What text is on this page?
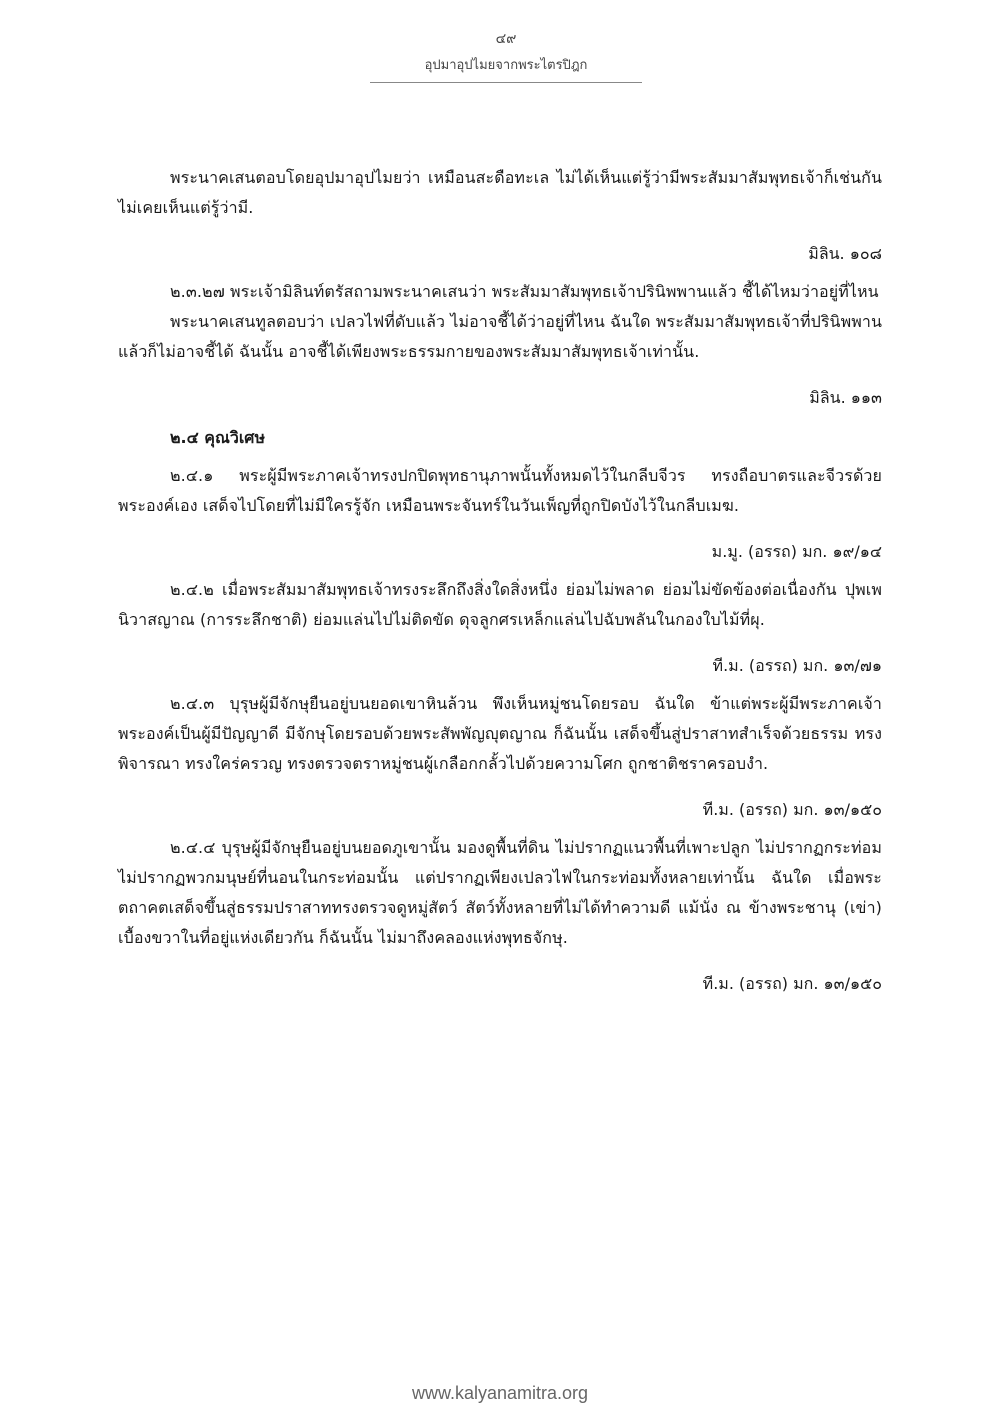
๔๙
อุปมาอุปไมยจากพระไตรปิฎก

พระนาคเสนตอบโดยอุปมาอุปไมยว่า เหมือนสะดือทะเล ไม่ได้เห็นแต่รู้ว่ามีพระสัมมาสัมพุทธเจ้าก็เช่นกัน ไม่เคยเห็นแต่รู้ว่ามี.

มิลิน. ๑๐๘

๒.๓.๒๗ พระเจ้ามิลินท์ตรัสถามพระนาคเสนว่า พระสัมมาสัมพุทธเจ้าปรินิพพานแล้ว ชี้ได้ไหมว่าอยู่ที่ไหน

พระนาคเสนทูลตอบว่า เปลวไฟที่ดับแล้ว ไม่อาจชี้ได้ว่าอยู่ที่ไหน ฉันใด พระสัมมาสัมพุทธเจ้าที่ปรินิพพานแล้วก็ไม่อาจชี้ได้ ฉันนั้น อาจชี้ได้เพียงพระธรรมกายของพระสัมมาสัมพุทธเจ้าเท่านั้น.

มิลิน. ๑๑๓

๒.๔ คุณวิเศษ

๒.๔.๑ พระผู้มีพระภาคเจ้าทรงปกปิดพุทธานุภาพนั้นทั้งหมดไว้ในกลีบจีวร ทรงถือบาตรและจีวรด้วยพระองค์เอง เสด็จไปโดยที่ไม่มีใครรู้จัก เหมือนพระจันทร์ในวันเพ็ญที่ถูกปิดบังไว้ในกลีบเมฆ.

ม.มู. (อรรถ) มก. ๑๙/๑๔

๒.๔.๒ เมื่อพระสัมมาสัมพุทธเจ้าทรงระลึกถึงสิ่งใดสิ่งหนึ่ง ย่อมไม่พลาด ย่อมไม่ขัดข้องต่อเนื่องกัน ปุพเพนิวาสญาณ (การระลึกชาติ) ย่อมแล่นไปไม่ติดขัด ดุจลูกศรเหล็กแล่นไปฉับพลันในกองใบไม้ที่ผุ.

ที.ม. (อรรถ) มก. ๑๓/๗๑

๒.๔.๓ บุรุษผู้มีจักษุยืนอยู่บนยอดเขาหินล้วน พึงเห็นหมู่ชนโดยรอบ ฉันใด ข้าแต่พระผู้มีพระภาคเจ้า พระองค์เป็นผู้มีปัญญาดี มีจักษุโดยรอบด้วยพระสัพพัญญุตญาณ ก็ฉันนั้น เสด็จขึ้นสู่ปราสาทสำเร็จด้วยธรรม ทรงพิจารณา ทรงใคร่ครวญ ทรงตรวจตราหมู่ชนผู้เกลือกกลั้วไปด้วยความโศก ถูกชาติชราครอบงำ.

ที.ม. (อรรถ) มก. ๑๓/๑๕๐

๒.๔.๔ บุรุษผู้มีจักษุยืนอยู่บนยอดภูเขานั้น มองดูพื้นที่ดิน ไม่ปรากฏแนวพื้นที่เพาะปลูก ไม่ปรากฏกระท่อม ไม่ปรากฏพวกมนุษย์ที่นอนในกระท่อมนั้น แต่ปรากฏเพียงเปลวไฟในกระท่อมทั้งหลายเท่านั้น ฉันใด เมื่อพระตถาคตเสด็จขึ้นสู่ธรรมปราสาททรงตรวจดูหมู่สัตว์ สัตว์ทั้งหลายที่ไม่ได้ทำความดี แม้นั่ง ณ ข้างพระชานุ (เข่า) เบื้องขวาในที่อยู่แห่งเดียวกัน ก็ฉันนั้น ไม่มาถึงคลองแห่งพุทธจักษุ.

ที.ม. (อรรถ) มก. ๑๓/๑๕๐

www.kalyanamitra.org
